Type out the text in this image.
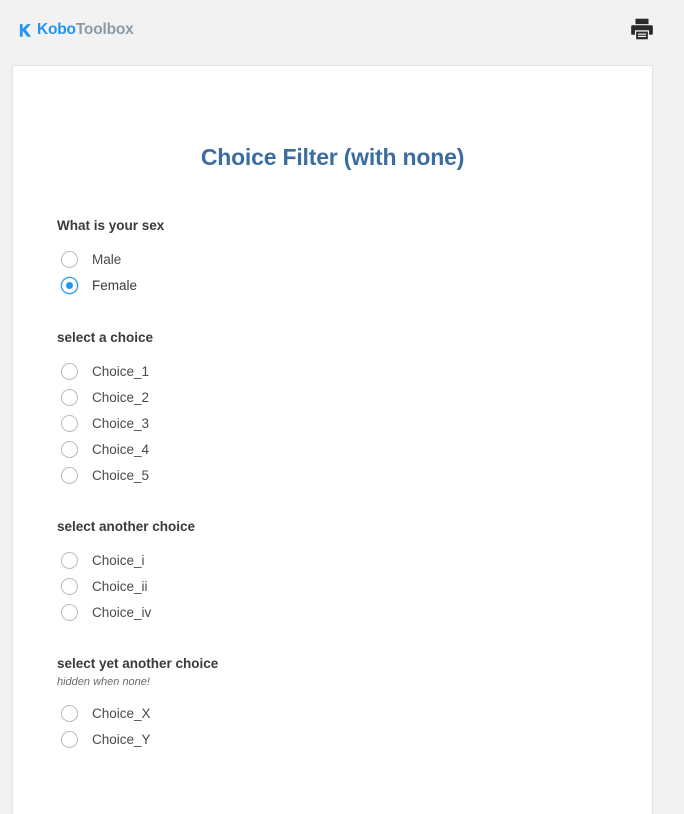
KoboToolbox
Choice Filter (with none)
What is your sex
Male
Female
select a choice
Choice_1
Choice_2
Choice_3
Choice_4
Choice_5
select another choice
Choice_i
Choice_ii
Choice_iv
select yet another choice
hidden when none!
Choice_X
Choice_Y
